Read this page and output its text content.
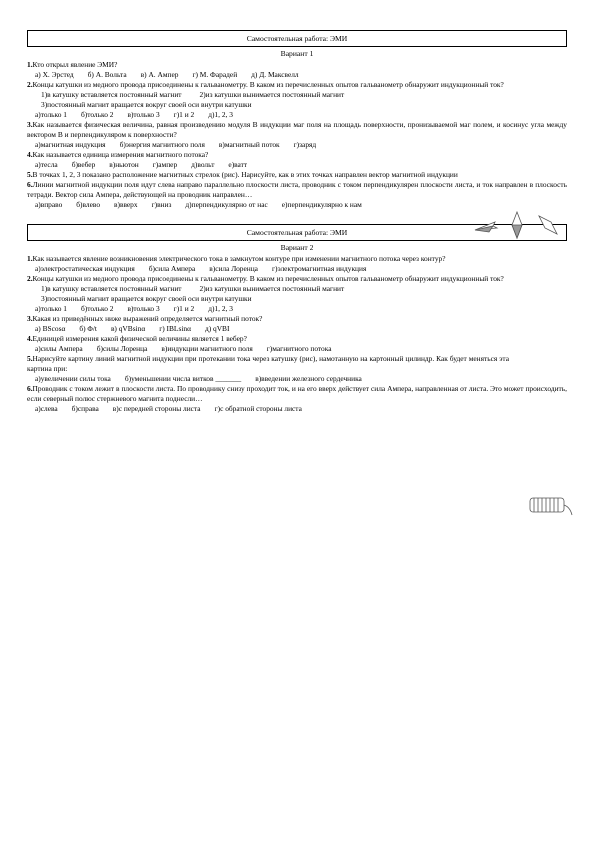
Самостоятельная работа: ЭМИ
Вариант 1
1.Кто открыл явление ЭМИ?
а) Х. Эрстед б) А. Вольта в) А. Ампер г) М. Фарадей д) Д. Максвелл
2.Концы катушки из медного провода присоединены к гальванометру. В каком из перечисленных опытов гальванометр обнаружит индукционный ток?
1)в катушку вставляется постоянный магнит 2)из катушки вынимается постоянный магнит
3)постоянный магнит вращается вокруг своей оси внутри катушки
а)только 1 б)только 2 в)только 3 г)1 и 2 д)1, 2, 3
3.Как называется физическая величина, равная произведению модуля В индукции маг поля на площадь поверхности, пронизываемой маг полем, и косинус угла между вектором В и перпендикуляром к поверхности?
а)магнитная индукция б)энергия магнитного поля в)магнитный поток г)заряд
4.Как называется единица измерения магнитного потока?
а)тесла б)вебер в)ньютон г)ампер д)вольт е)ватт
5.В точках 1, 2, 3 показано расположение магнитных стрелок (рис). Нарисуйте, как в этих точках направлен вектор магнитной индукции
6.Линии магнитной индукции поля идут слева направо параллельно плоскости листа, проводник с током перпендикулярен плоскости листа, и ток направлен в плоскость тетради. Вектор сила Ампера, действующей на проводник направлен…
а)вправо б)влево в)вверх г)вниз д)перпендикулярно от нас е)перпендикулярно к нам
Самостоятельная работа: ЭМИ
Вариант 2
1.Как называется явление возникновения электрического тока в замкнутом контуре при изменении магнитного потока через контур?
а)электростатическая индукция б)сила Ампера в)сила Лоренца г)электромагнитная индукция
2.Концы катушки из медного провода присоединены к гальванометру. В каком из перечисленных опытов гальванометр обнаружит индукционный ток?
1)в катушку вставляется постоянный магнит 2)из катушки вынимается постоянный магнит
3)постоянный магнит вращается вокруг своей оси внутри катушки
а)только 1 б)только 2 в)только 3 г)1 и 2 д)1, 2, 3
3.Какая из приведённых ниже выражений определяется магнитный поток?
а) BScosα б) Φ/t в) qVBsinα г) IBLsinα д) qVBI
4.Единицей измерения какой физической величины является 1 вебер?
а)силы Ампера б)силы Лоренца в)индукции магнитного поля г)магнитного потока
5.Нарисуйте картину линий магнитной индукции при протекании тока через катушку (рис), намотанную на картонный цилиндр. Как будет меняться эта картина при:
а)увеличении силы тока б)уменьшении числа витков _______ в)введении железного сердечника
6.Проводник с током лежит в плоскости листа. По проводнику снизу проходит ток, и на его вверх действует сила Ампера, направленная от листа. Это может происходить, если северный полюс стержневого магнита поднесли…
а)слева б)справа в)с передней стороны листа г)с обратной стороны листа
